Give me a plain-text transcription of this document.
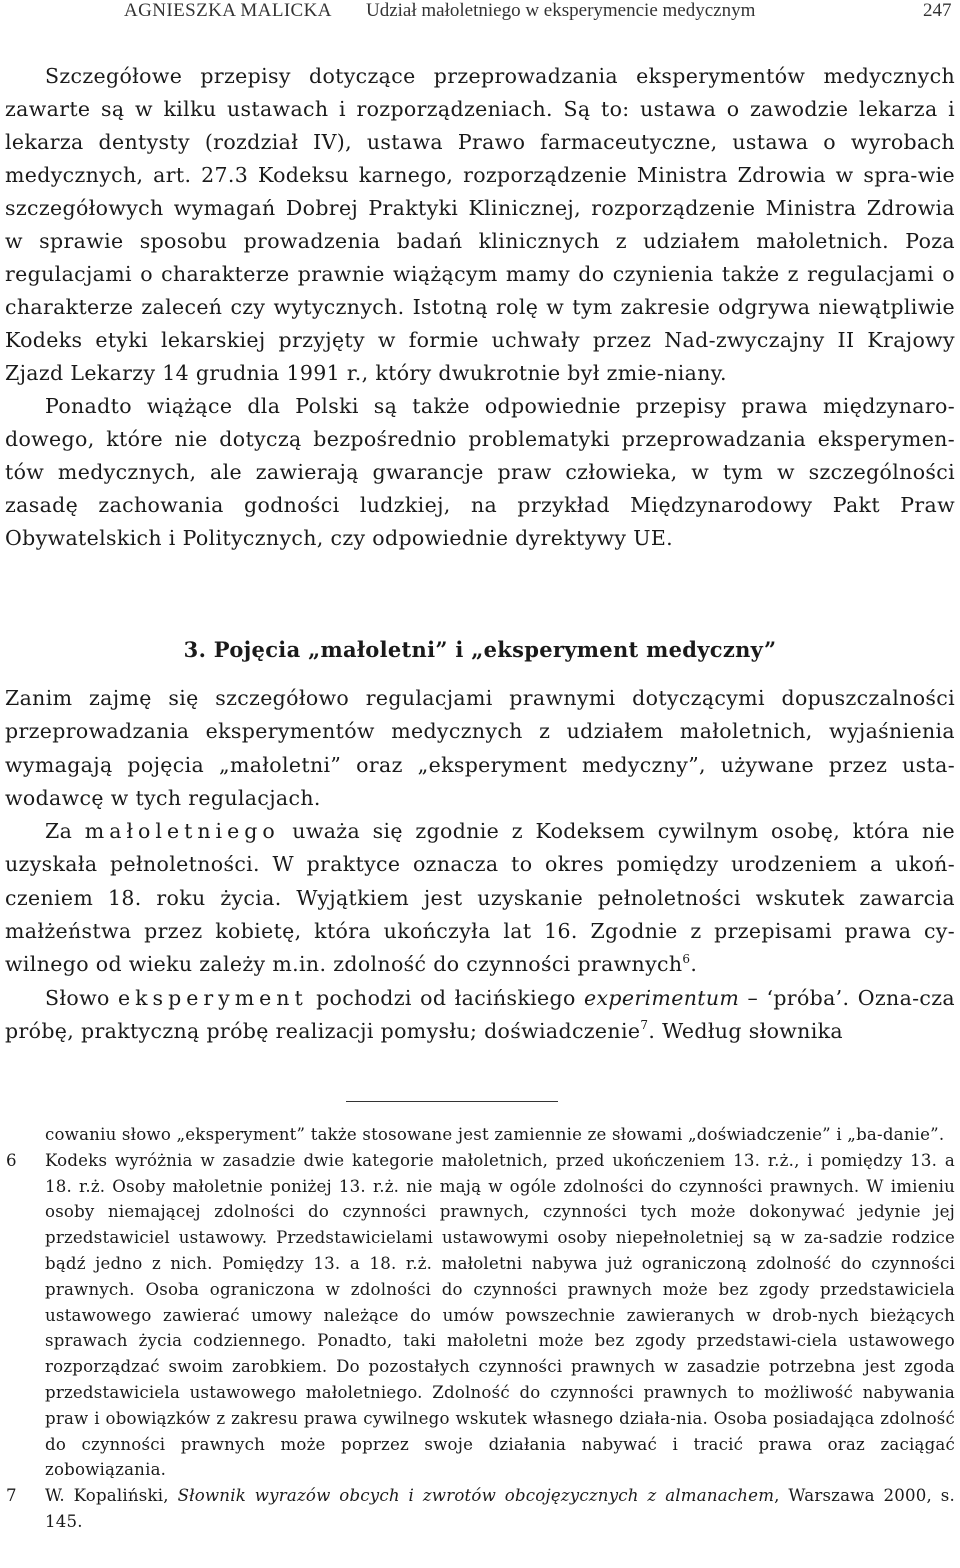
AGNIESZKA MALICKA Udział małoletniego w eksperymencie medycznym	247

Szczegółowe przepisy dotyczące przeprowadzania eksperymentów medycznych zawarte są w kilku ustawach i rozporządzeniach. Są to: ustawa o zawodzie lekarza i lekarza dentysty (rozdział IV), ustawa Prawo farmaceutyczne, ustawa o wyrobach medycznych, art. 27.3 Kodeksu karnego, rozporządzenie Ministra Zdrowia w spra-wie szczegółowych wymagań Dobrej Praktyki Klinicznej, rozporządzenie Ministra Zdrowia w sprawie sposobu prowadzenia badań klinicznych z udziałem małoletnich. Poza regulacjami o charakterze prawnie wiążącym mamy do czynienia także z regulacjami o charakterze zaleceń czy wytycznych. Istotną rolę w tym zakresie odgrywa niewątpliwie Kodeks etyki lekarskiej przyjęty w formie uchwały przez Nad-zwyczajny II Krajowy Zjazd Lekarzy 14 grudnia 1991 r., który dwukrotnie był zmie-niany.

Ponadto wiążące dla Polski są także odpowiednie przepisy prawa międzynaro-dowego, które nie dotyczą bezpośrednio problematyki przeprowadzania eksperymen-tów medycznych, ale zawierają gwarancje praw człowieka, w tym w szczególności zasadę zachowania godności ludzkiej, na przykład Międzynarodowy Pakt Praw Obywatelskich i Politycznych, czy odpowiednie dyrektywy UE.

3. Pojęcia „małoletni” i „eksperyment medyczny”

Zanim zajmę się szczegółowo regulacjami prawnymi dotyczącymi dopuszczalności przeprowadzania eksperymentów medycznych z udziałem małoletnich, wyjaśnienia wymagają pojęcia „małoletni” oraz „eksperyment medyczny”, używane przez usta-wodawcę w tych regulacjach.

Za małoletniego uważa się zgodnie z Kodeksem cywilnym osobę, która nie uzyskała pełnoletności. W praktyce oznacza to okres pomiędzy urodzeniem a ukoń-czeniem 18. roku życia. Wyjątkiem jest uzyskanie pełnoletności wskutek zawarcia małżeństwa przez kobietę, która ukończyła lat 16. Zgodnie z przepisami prawa cy-wilnego od wieku zależy m.in. zdolność do czynności prawnych$^6$.

Słowo eksperyment pochodzi od łacińskiego experimentum – ‘próba’. Ozna-cza próbę, praktyczną próbę realizacji pomysłu; doświadczenie$^7$. Według słownika

cowaniu słowo „eksperyment” także stosowane jest zamiennie ze słowami „doświadczenie” i „ba-danie”.

6 Kodeks wyróżnia w zasadzie dwie kategorie małoletnich, przed ukończeniem 13. r.ż., i pomiędzy 13. a 18. r.ż. Osoby małoletnie poniżej 13. r.ż. nie mają w ogóle zdolności do czynności prawnych. W imieniu osoby niemającej zdolności do czynności prawnych, czynności tych może dokonywać jedynie jej przedstawiciel ustawowy. Przedstawicielami ustawowymi osoby niepełnoletniej są w za-sadzie rodzice bądź jedno z nich. Pomiędzy 13. a 18. r.ż. małoletni nabywa już ograniczoną zdolność do czynności prawnych. Osoba ograniczona w zdolności do czynności prawnych może bez zgody przedstawiciela ustawowego zawierać umowy należące do umów powszechnie zawieranych w drob-nych bieżących sprawach życia codziennego. Ponadto, taki małoletni może bez zgody przedstawi-ciela ustawowego rozporządzać swoim zarobkiem. Do pozostałych czynności prawnych w zasadzie potrzebna jest zgoda przedstawiciela ustawowego małoletniego. Zdolność do czynności prawnych to możliwość nabywania praw i obowiązków z zakresu prawa cywilnego wskutek własnego działa-nia. Osoba posiadająca zdolność do czynności prawnych może poprzez swoje działania nabywać i tracić prawa oraz zaciągać zobowiązania.

7 W. Kopaliński, Słownik wyrazów obcych i zwrotów obcojęzycznych z almanachem, Warszawa 2000, s. 145.
